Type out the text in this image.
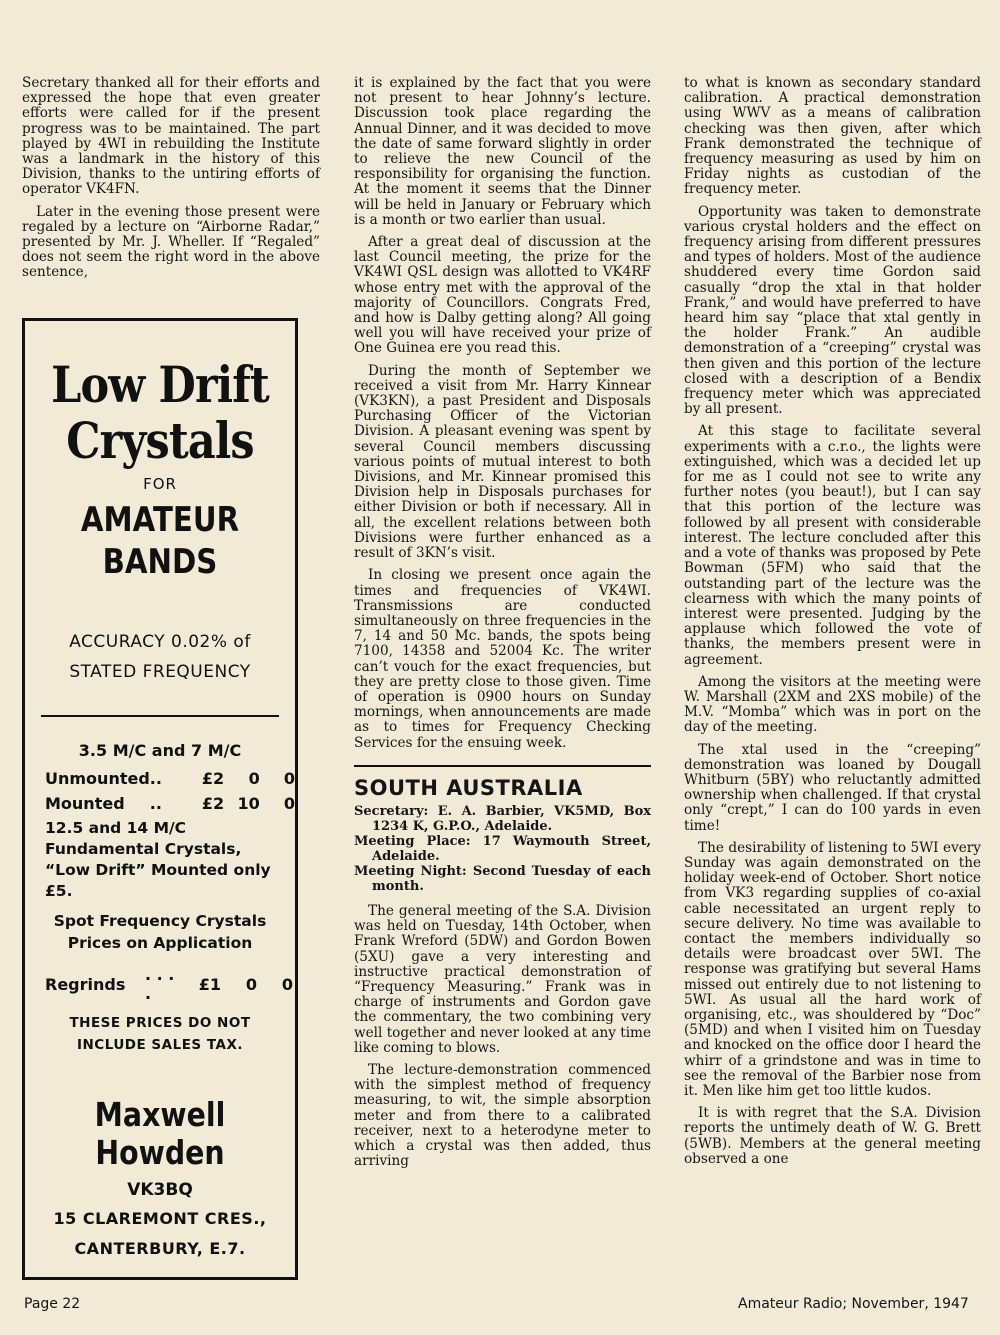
Secretary thanked all for their efforts and expressed the hope that even greater efforts were called for if the present progress was to be maintained. The part played by 4WI in rebuilding the Institute was a landmark in the history of this Division, thanks to the untiring efforts of operator VK4FN.

Later in the evening those present were regaled by a lecture on “Airborne Radar,” presented by Mr. J. Wheller. If “Regaled” does not seem the right word in the above sentence,

Low Drift
Crystals
FOR
AMATEUR
BANDS
ACCURACY 0.02% of
STATED FREQUENCY
3.5 M/C and 7 M/C
Unmounted	..	£2	0	0
Mounted	..	£2	10	0
12.5 and 14 M/C Fundamental Crystals, “Low Drift” Mounted only £5.
Spot Frequency Crystals
Prices on Application
Regrinds	. . . .	£1	0	0
THESE PRICES DO NOT
INCLUDE SALES TAX.
Maxwell Howden
VK3BQ
15 CLAREMONT CRES.,
CANTERBURY, E.7.

it is explained by the fact that you were not present to hear Johnny’s lecture. Discussion took place regarding the Annual Dinner, and it was decided to move the date of same forward slightly in order to relieve the new Council of the responsibility for organising the function. At the moment it seems that the Dinner will be held in January or February which is a month or two earlier than usual.

After a great deal of discussion at the last Council meeting, the prize for the VK4WI QSL design was allotted to VK4RF whose entry met with the approval of the majority of Councillors. Congrats Fred, and how is Dalby getting along? All going well you will have received your prize of One Guinea ere you read this.

During the month of September we received a visit from Mr. Harry Kinnear (VK3KN), a past President and Disposals Purchasing Officer of the Victorian Division. A pleasant evening was spent by several Council members discussing various points of mutual interest to both Divisions, and Mr. Kinnear promised this Division help in Disposals purchases for either Division or both if necessary. All in all, the excellent relations between both Divisions were further enhanced as a result of 3KN’s visit.

In closing we present once again the times and frequencies of VK4WI. Transmissions are conducted simultaneously on three frequencies in the 7, 14 and 50 Mc. bands, the spots being 7100, 14358 and 52004 Kc. The writer can’t vouch for the exact frequencies, but they are pretty close to those given. Time of operation is 0900 hours on Sunday mornings, when announcements are made as to times for Frequency Checking Services for the ensuing week.

SOUTH AUSTRALIA
Secretary: E. A. Barbier, VK5MD, Box 1234 K, G.P.O., Adelaide.
Meeting Place: 17 Waymouth Street, Adelaide.
Meeting Night: Second Tuesday of each month.

The general meeting of the S.A. Division was held on Tuesday, 14th October, when Frank Wreford (5DW) and Gordon Bowen (5XU) gave a very interesting and instructive practical demonstration of “Frequency Measuring.” Frank was in charge of instruments and Gordon gave the commentary, the two combining very well together and never looked at any time like coming to blows.

The lecture-demonstration commenced with the simplest method of frequency measuring, to wit, the simple absorption meter and from there to a calibrated receiver, next to a heterodyne meter to which a crystal was then added, thus arriving

to what is known as secondary standard calibration. A practical demonstration using WWV as a means of calibration checking was then given, after which Frank demonstrated the technique of frequency measuring as used by him on Friday nights as custodian of the frequency meter.

Opportunity was taken to demonstrate various crystal holders and the effect on frequency arising from different pressures and types of holders. Most of the audience shuddered every time Gordon said casually “drop the xtal in that holder Frank,” and would have preferred to have heard him say “place that xtal gently in the holder Frank.” An audible demonstration of a “creeping” crystal was then given and this portion of the lecture closed with a description of a Bendix frequency meter which was appreciated by all present.

At this stage to facilitate several experiments with a c.r.o., the lights were extinguished, which was a decided let up for me as I could not see to write any further notes (you beaut!), but I can say that this portion of the lecture was followed by all present with considerable interest. The lecture concluded after this and a vote of thanks was proposed by Pete Bowman (5FM) who said that the outstanding part of the lecture was the clearness with which the many points of interest were presented. Judging by the applause which followed the vote of thanks, the members present were in agreement.

Among the visitors at the meeting were W. Marshall (2XM and 2XS mobile) of the M.V. “Momba” which was in port on the day of the meeting.

The xtal used in the “creeping” demonstration was loaned by Dougall Whitburn (5BY) who reluctantly admitted ownership when challenged. If that crystal only “crept,” I can do 100 yards in even time!

The desirability of listening to 5WI every Sunday was again demonstrated on the holiday week-end of October. Short notice from VK3 regarding supplies of co-axial cable necessitated an urgent reply to secure delivery. No time was available to contact the members individually so details were broadcast over 5WI. The response was gratifying but several Hams missed out entirely due to not listening to 5WI. As usual all the hard work of organising, etc., was shouldered by “Doc” (5MD) and when I visited him on Tuesday and knocked on the office door I heard the whirr of a grindstone and was in time to see the removal of the Barbier nose from it. Men like him get too little kudos.

It is with regret that the S.A. Division reports the untimely death of W. G. Brett (5WB). Members at the general meeting observed a one

Page 22	Amateur Radio; November, 1947
